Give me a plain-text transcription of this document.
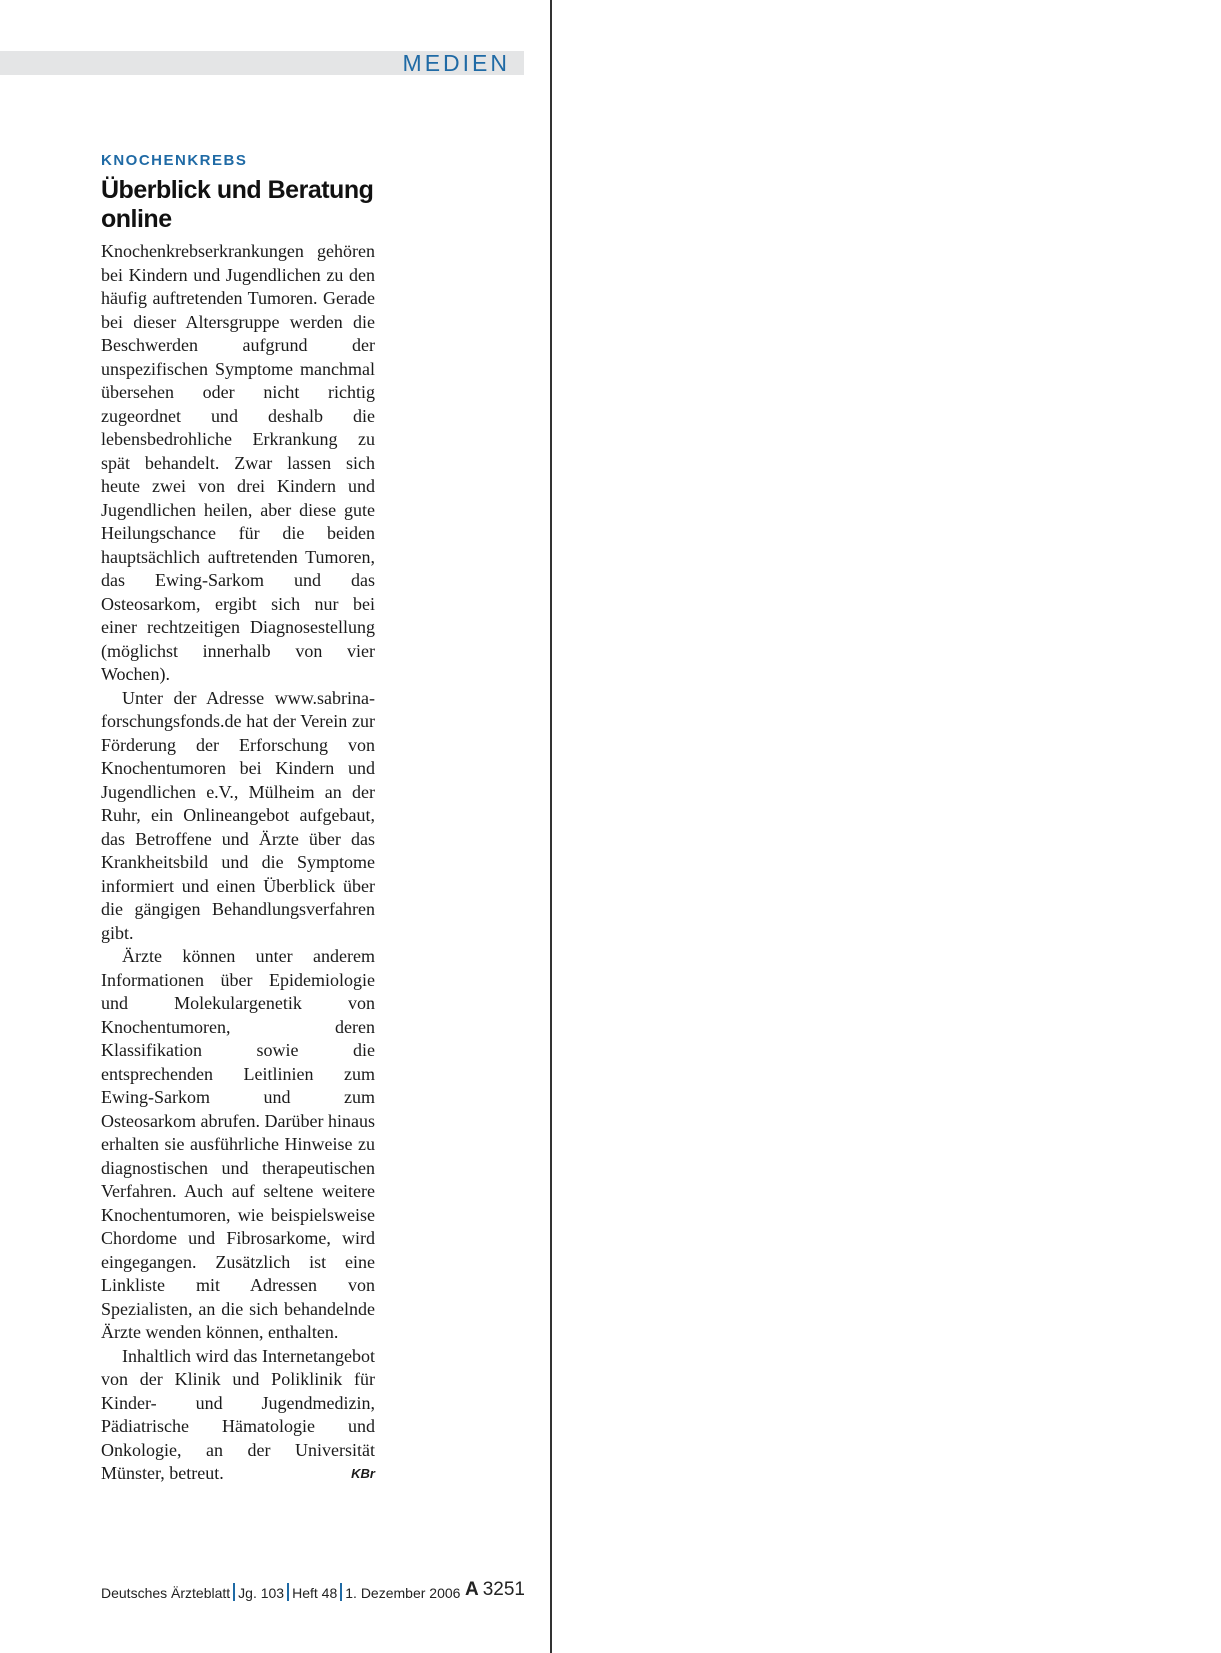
MEDIEN

KNOCHENKREBS

Überblick und Beratung online

Knochenkrebserkrankungen gehören bei Kindern und Jugendlichen zu den häufig auftretenden Tumoren. Gerade bei dieser Altersgruppe werden die Beschwerden aufgrund der unspezifischen Symptome manchmal übersehen oder nicht richtig zugeordnet und deshalb die lebensbedrohliche Erkrankung zu spät behandelt. Zwar lassen sich heute zwei von drei Kindern und Jugendlichen heilen, aber diese gute Heilungschance für die beiden hauptsächlich auftretenden Tumoren, das Ewing-Sarkom und das Osteosarkom, ergibt sich nur bei einer rechtzeitigen Diagnosestellung (möglichst innerhalb von vier Wochen).

Unter der Adresse www.sabrina-forschungsfonds.de hat der Verein zur Förderung der Erforschung von Knochentumoren bei Kindern und Jugendlichen e.V., Mülheim an der Ruhr, ein Onlineangebot aufgebaut, das Betroffene und Ärzte über das Krankheitsbild und die Symptome informiert und einen Überblick über die gängigen Behandlungsverfahren gibt.

Ärzte können unter anderem Informationen über Epidemiologie und Molekulargenetik von Knochentumoren, deren Klassifikation sowie die entsprechenden Leitlinien zum Ewing-Sarkom und zum Osteosarkom abrufen. Darüber hinaus erhalten sie ausführliche Hinweise zu diagnostischen und therapeutischen Verfahren. Auch auf seltene weitere Knochentumoren, wie beispielsweise Chordome und Fibrosarkome, wird eingegangen. Zusätzlich ist eine Linkliste mit Adressen von Spezialisten, an die sich behandelnde Ärzte wenden können, enthalten.

Inhaltlich wird das Internetangebot von der Klinik und Poliklinik für Kinder- und Jugendmedizin, Pädiatrische Hämatologie und Onkologie, an der Universität Münster, betreut.	KBr

Deutsches Ärzteblatt Jg. 103 Heft 48 1. Dezember 2006 A 3251
